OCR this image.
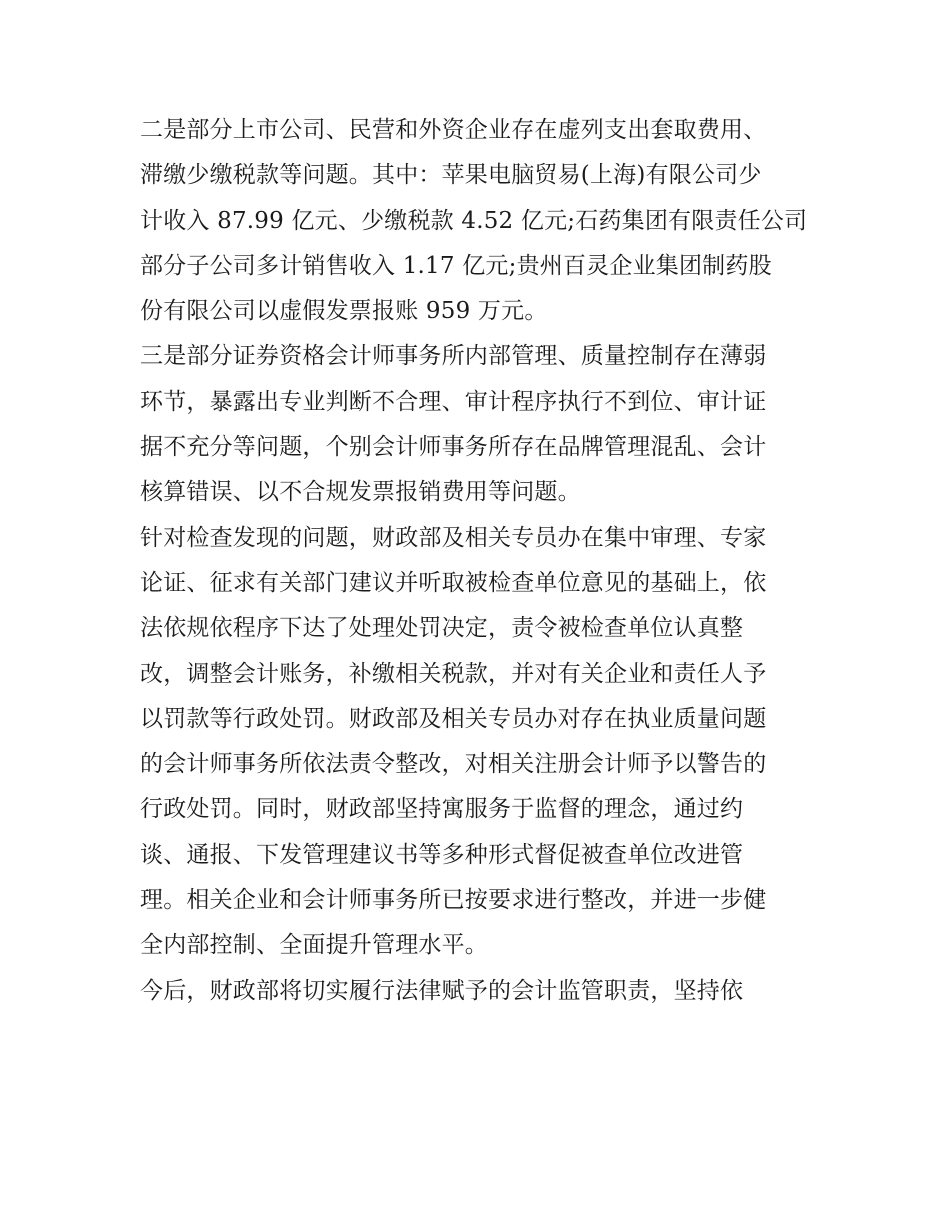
二是部分上市公司、民营和外资企业存在虚列支出套取费用、
滞缴少缴税款等问题。其中：苹果电脑贸易(上海)有限公司少
计收入 87.99 亿元、少缴税款 4.52 亿元;石药集团有限责任公司
部分子公司多计销售收入 1.17 亿元;贵州百灵企业集团制药股
份有限公司以虚假发票报账 959 万元。
三是部分证券资格会计师事务所内部管理、质量控制存在薄弱
环节，暴露出专业判断不合理、审计程序执行不到位、审计证
据不充分等问题，个别会计师事务所存在品牌管理混乱、会计
核算错误、以不合规发票报销费用等问题。
针对检查发现的问题，财政部及相关专员办在集中审理、专家
论证、征求有关部门建议并听取被检查单位意见的基础上，依
法依规依程序下达了处理处罚决定，责令被检查单位认真整
改，调整会计账务，补缴相关税款，并对有关企业和责任人予
以罚款等行政处罚。财政部及相关专员办对存在执业质量问题
的会计师事务所依法责令整改，对相关注册会计师予以警告的
行政处罚。同时，财政部坚持寓服务于监督的理念，通过约
谈、通报、下发管理建议书等多种形式督促被查单位改进管
理。相关企业和会计师事务所已按要求进行整改，并进一步健
全内部控制、全面提升管理水平。
今后，财政部将切实履行法律赋予的会计监管职责，坚持依
